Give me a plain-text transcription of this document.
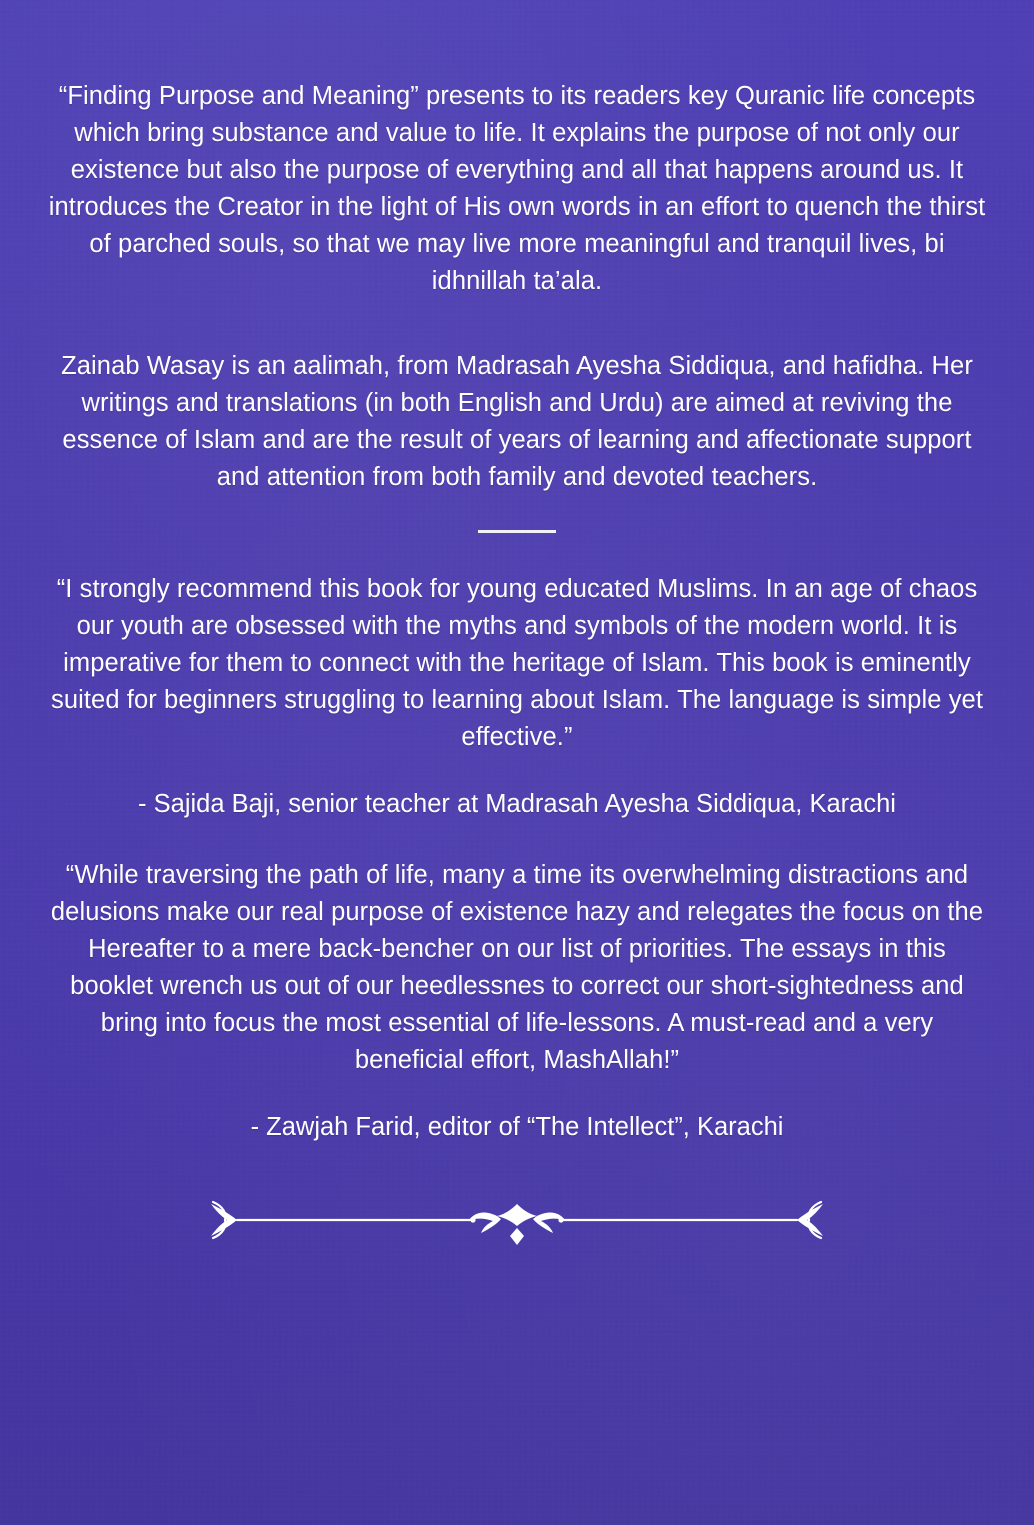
“Finding Purpose and Meaning” presents to its readers key Quranic life concepts which bring substance and value to life. It explains the purpose of not only our existence but also the purpose of everything and all that happens around us. It introduces the Creator in the light of His own words in an effort to quench the thirst of parched souls, so that we may live more meaningful and tranquil lives, bi idhnillah ta’ala.

Zainab Wasay is an aalimah, from Madrasah Ayesha Siddiqua, and hafidha. Her writings and translations (in both English and Urdu) are aimed at reviving the essence of Islam and are the result of years of learning and affectionate support and attention from both family and devoted teachers.

“I strongly recommend this book for young educated Muslims. In an age of chaos our youth are obsessed with the myths and symbols of the modern world. It is imperative for them to connect with the heritage of Islam. This book is eminently suited for beginners struggling to learning about Islam. The language is simple yet effective.”

- Sajida Baji, senior teacher at Madrasah Ayesha Siddiqua, Karachi

“While traversing the path of life, many a time its overwhelming distractions and delusions make our real purpose of existence hazy and relegates the focus on the Hereafter to a mere back-bencher on our list of priorities. The essays in this booklet wrench us out of our heedlessnes to correct our short-sightedness and bring into focus the most essential of life-lessons. A must-read and a very beneficial effort, MashAllah!”

- Zawjah Farid, editor of “The Intellect”, Karachi
